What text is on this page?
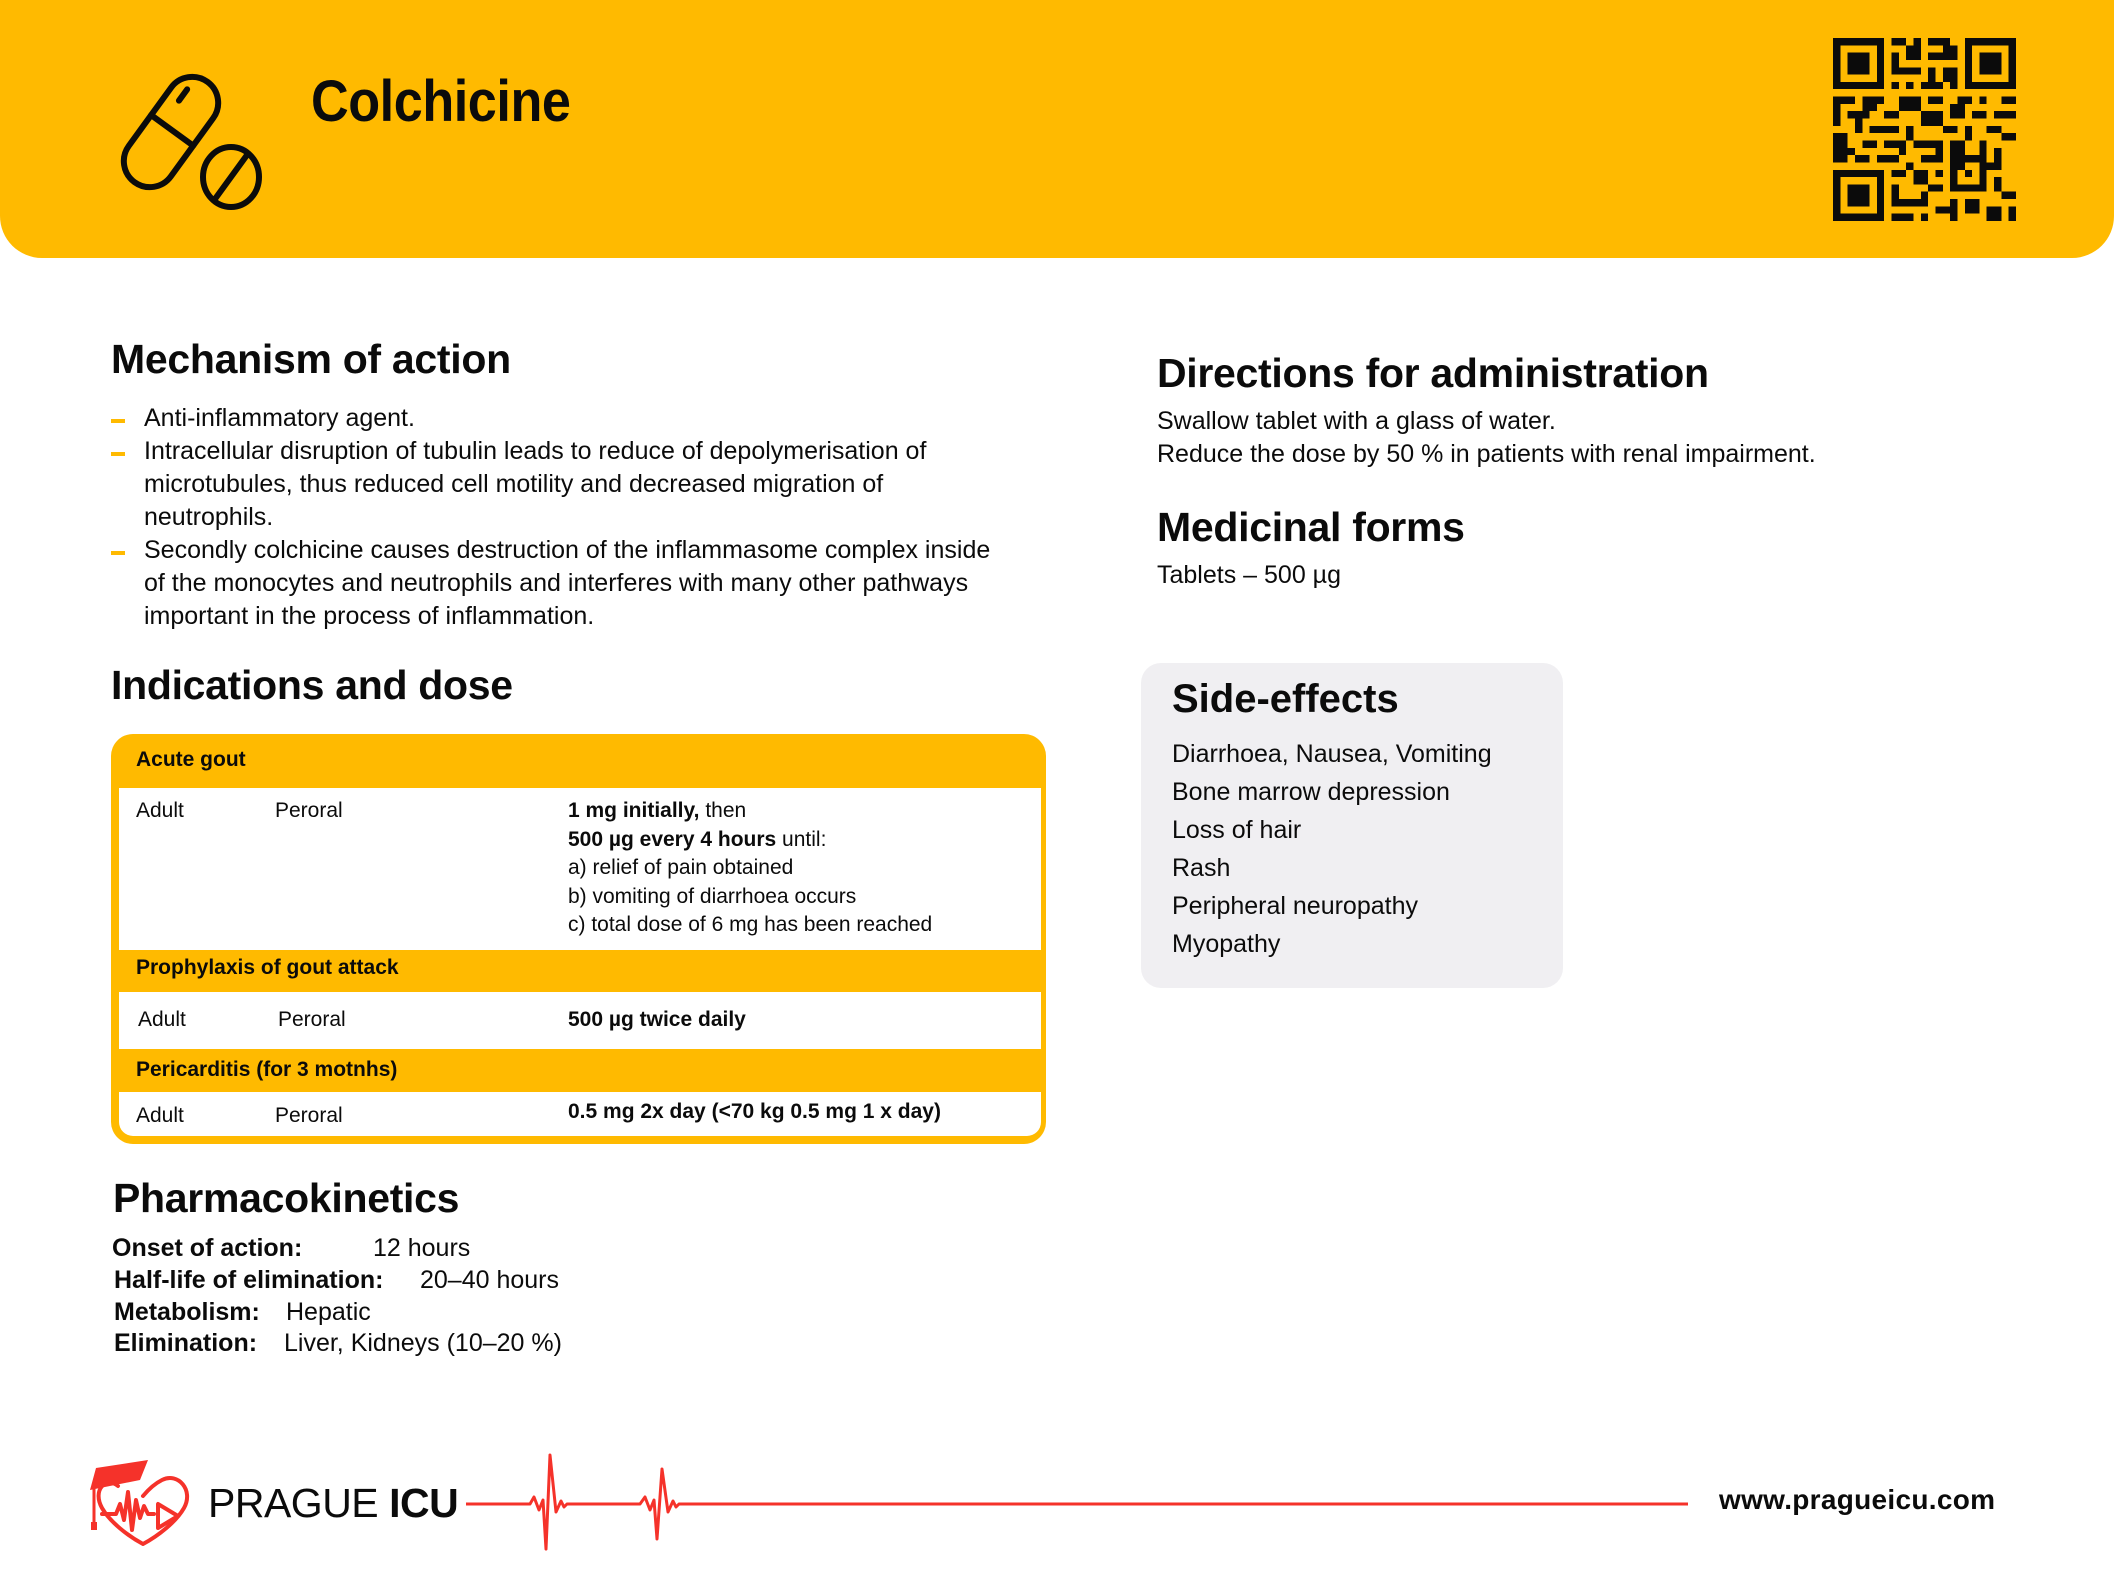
Colchicine
Mechanism of action
Anti-inflammatory agent.
Intracellular disruption of tubulin leads to reduce of depolymerisation of
microtubules, thus reduced cell motility and decreased migration of
neutrophils.
Secondly colchicine causes destruction of the inflammasome complex inside
of the monocytes and neutrophils and interferes with many other pathways
important in the process of inflammation.
Indications and dose
Acute gout
Adult	Peroral	1 mg initially, then
500 µg every 4 hours until:
a) relief of pain obtained
b) vomiting of diarrhoea occurs
c) total dose of 6 mg has been reached
Prophylaxis of gout attack
Adult	Peroral	500 µg twice daily
Pericarditis (for 3 motnhs)
Adult	Peroral	0.5 mg 2x day (<70 kg 0.5 mg 1 x day)
Pharmacokinetics
Onset of action:	12 hours
Half-life of elimination: 20–40 hours
Metabolism: Hepatic
Elimination: Liver, Kidneys (10–20 %)
Directions for administration
Swallow tablet with a glass of water.
Reduce the dose by 50 % in patients with renal impairment.
Medicinal forms
Tablets – 500 µg
Side-effects
Diarrhoea, Nausea, Vomiting
Bone marrow depression
Loss of hair
Rash
Peripheral neuropathy
Myopathy
PRAGUE ICU	www.pragueicu.com
